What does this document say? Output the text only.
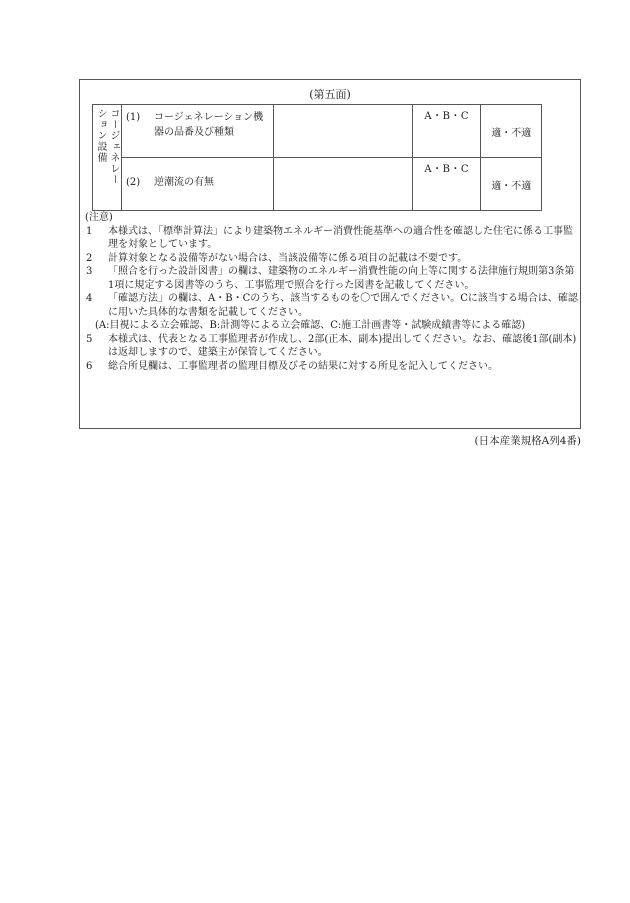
(第五面)
コージェネレー
ション設備	(1) コージェネレーション機器の品番及び種類		A・B・C	適・不適

	(2) 逆潮流の有無		A・B・C	適・不適
(注意)
1	本様式は、「標準計算法」により建築物エネルギー消費性能基準への適合性を確認した住宅に係る工事監理を対象としています。
2	計算対象となる設備等がない場合は、当該設備等に係る項目の記載は不要です。
3	「照合を行った設計図書」の欄は、建築物のエネルギー消費性能の向上等に関する法律施行規則第3条第1項に規定する図書等のうち、工事監理で照合を行った図書を記載してください。
4	「確認方法」の欄は、A・B・Cのうち、該当するものを〇で囲んでください。Cに該当する場合は、確認に用いた具体的な書類を記載してください。
(A:目視による立会確認、B:計測等による立会確認、C:施工計画書等・試験成績書等による確認)
5	本様式は、代表となる工事監理者が作成し、2部(正本、副本)提出してください。なお、確認後1部(副本)は返却しますので、建築主が保管してください。
6	総合所見欄は、工事監理者の監理目標及びその結果に対する所見を記入してください。
(日本産業規格A列4番)
